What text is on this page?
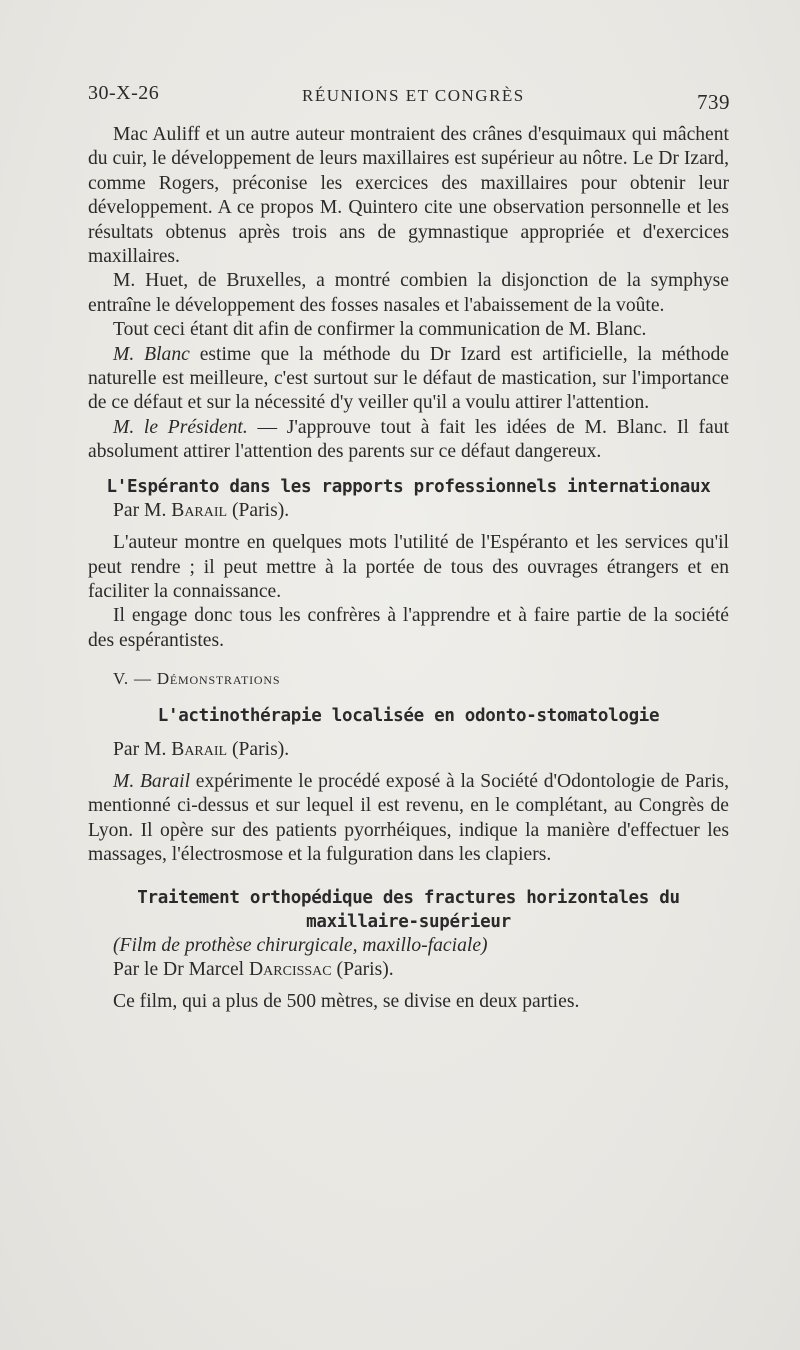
30-X-26	RÉUNIONS ET CONGRÈS	739

Mac Auliff et un autre auteur montraient des crânes d'esquimaux qui mâchent du cuir, le développement de leurs maxillaires est supérieur au nôtre. Le Dr Izard, comme Rogers, préconise les exercices des maxillaires pour obtenir leur développement. A ce propos M. Quintero cite une observation personnelle et les résultats obtenus après trois ans de gymnastique appropriée et d'exercices maxillaires.

M. Huet, de Bruxelles, a montré combien la disjonction de la symphyse entraîne le développement des fosses nasales et l'abaissement de la voûte.

Tout ceci étant dit afin de confirmer la communication de M. Blanc.

M. Blanc estime que la méthode du Dr Izard est artificielle, la méthode naturelle est meilleure, c'est surtout sur le défaut de mastication, sur l'importance de ce défaut et sur la nécessité d'y veiller qu'il a voulu attirer l'attention.

M. le Président. — J'approuve tout à fait les idées de M. Blanc. Il faut absolument attirer l'attention des parents sur ce défaut dangereux.

L'Espéranto dans les rapports professionnels internationaux

Par M. Barail (Paris).

L'auteur montre en quelques mots l'utilité de l'Espéranto et les services qu'il peut rendre ; il peut mettre à la portée de tous des ouvrages étrangers et en faciliter la connaissance.

Il engage donc tous les confrères à l'apprendre et à faire partie de la société des espérantistes.

V. — Démonstrations

L'actinothérapie localisée en odonto-stomatologie

Par M. Barail (Paris).

M. Barail expérimente le procédé exposé à la Société d'Odontologie de Paris, mentionné ci-dessus et sur lequel il est revenu, en le complétant, au Congrès de Lyon. Il opère sur des patients pyorrhéiques, indique la manière d'effectuer les massages, l'électrosmose et la fulguration dans les clapiers.

Traitement orthopédique des fractures horizontales du
maxillaire-supérieur

(Film de prothèse chirurgicale, maxillo-faciale)

Par le Dr Marcel Darcissac (Paris).

Ce film, qui a plus de 500 mètres, se divise en deux parties.
